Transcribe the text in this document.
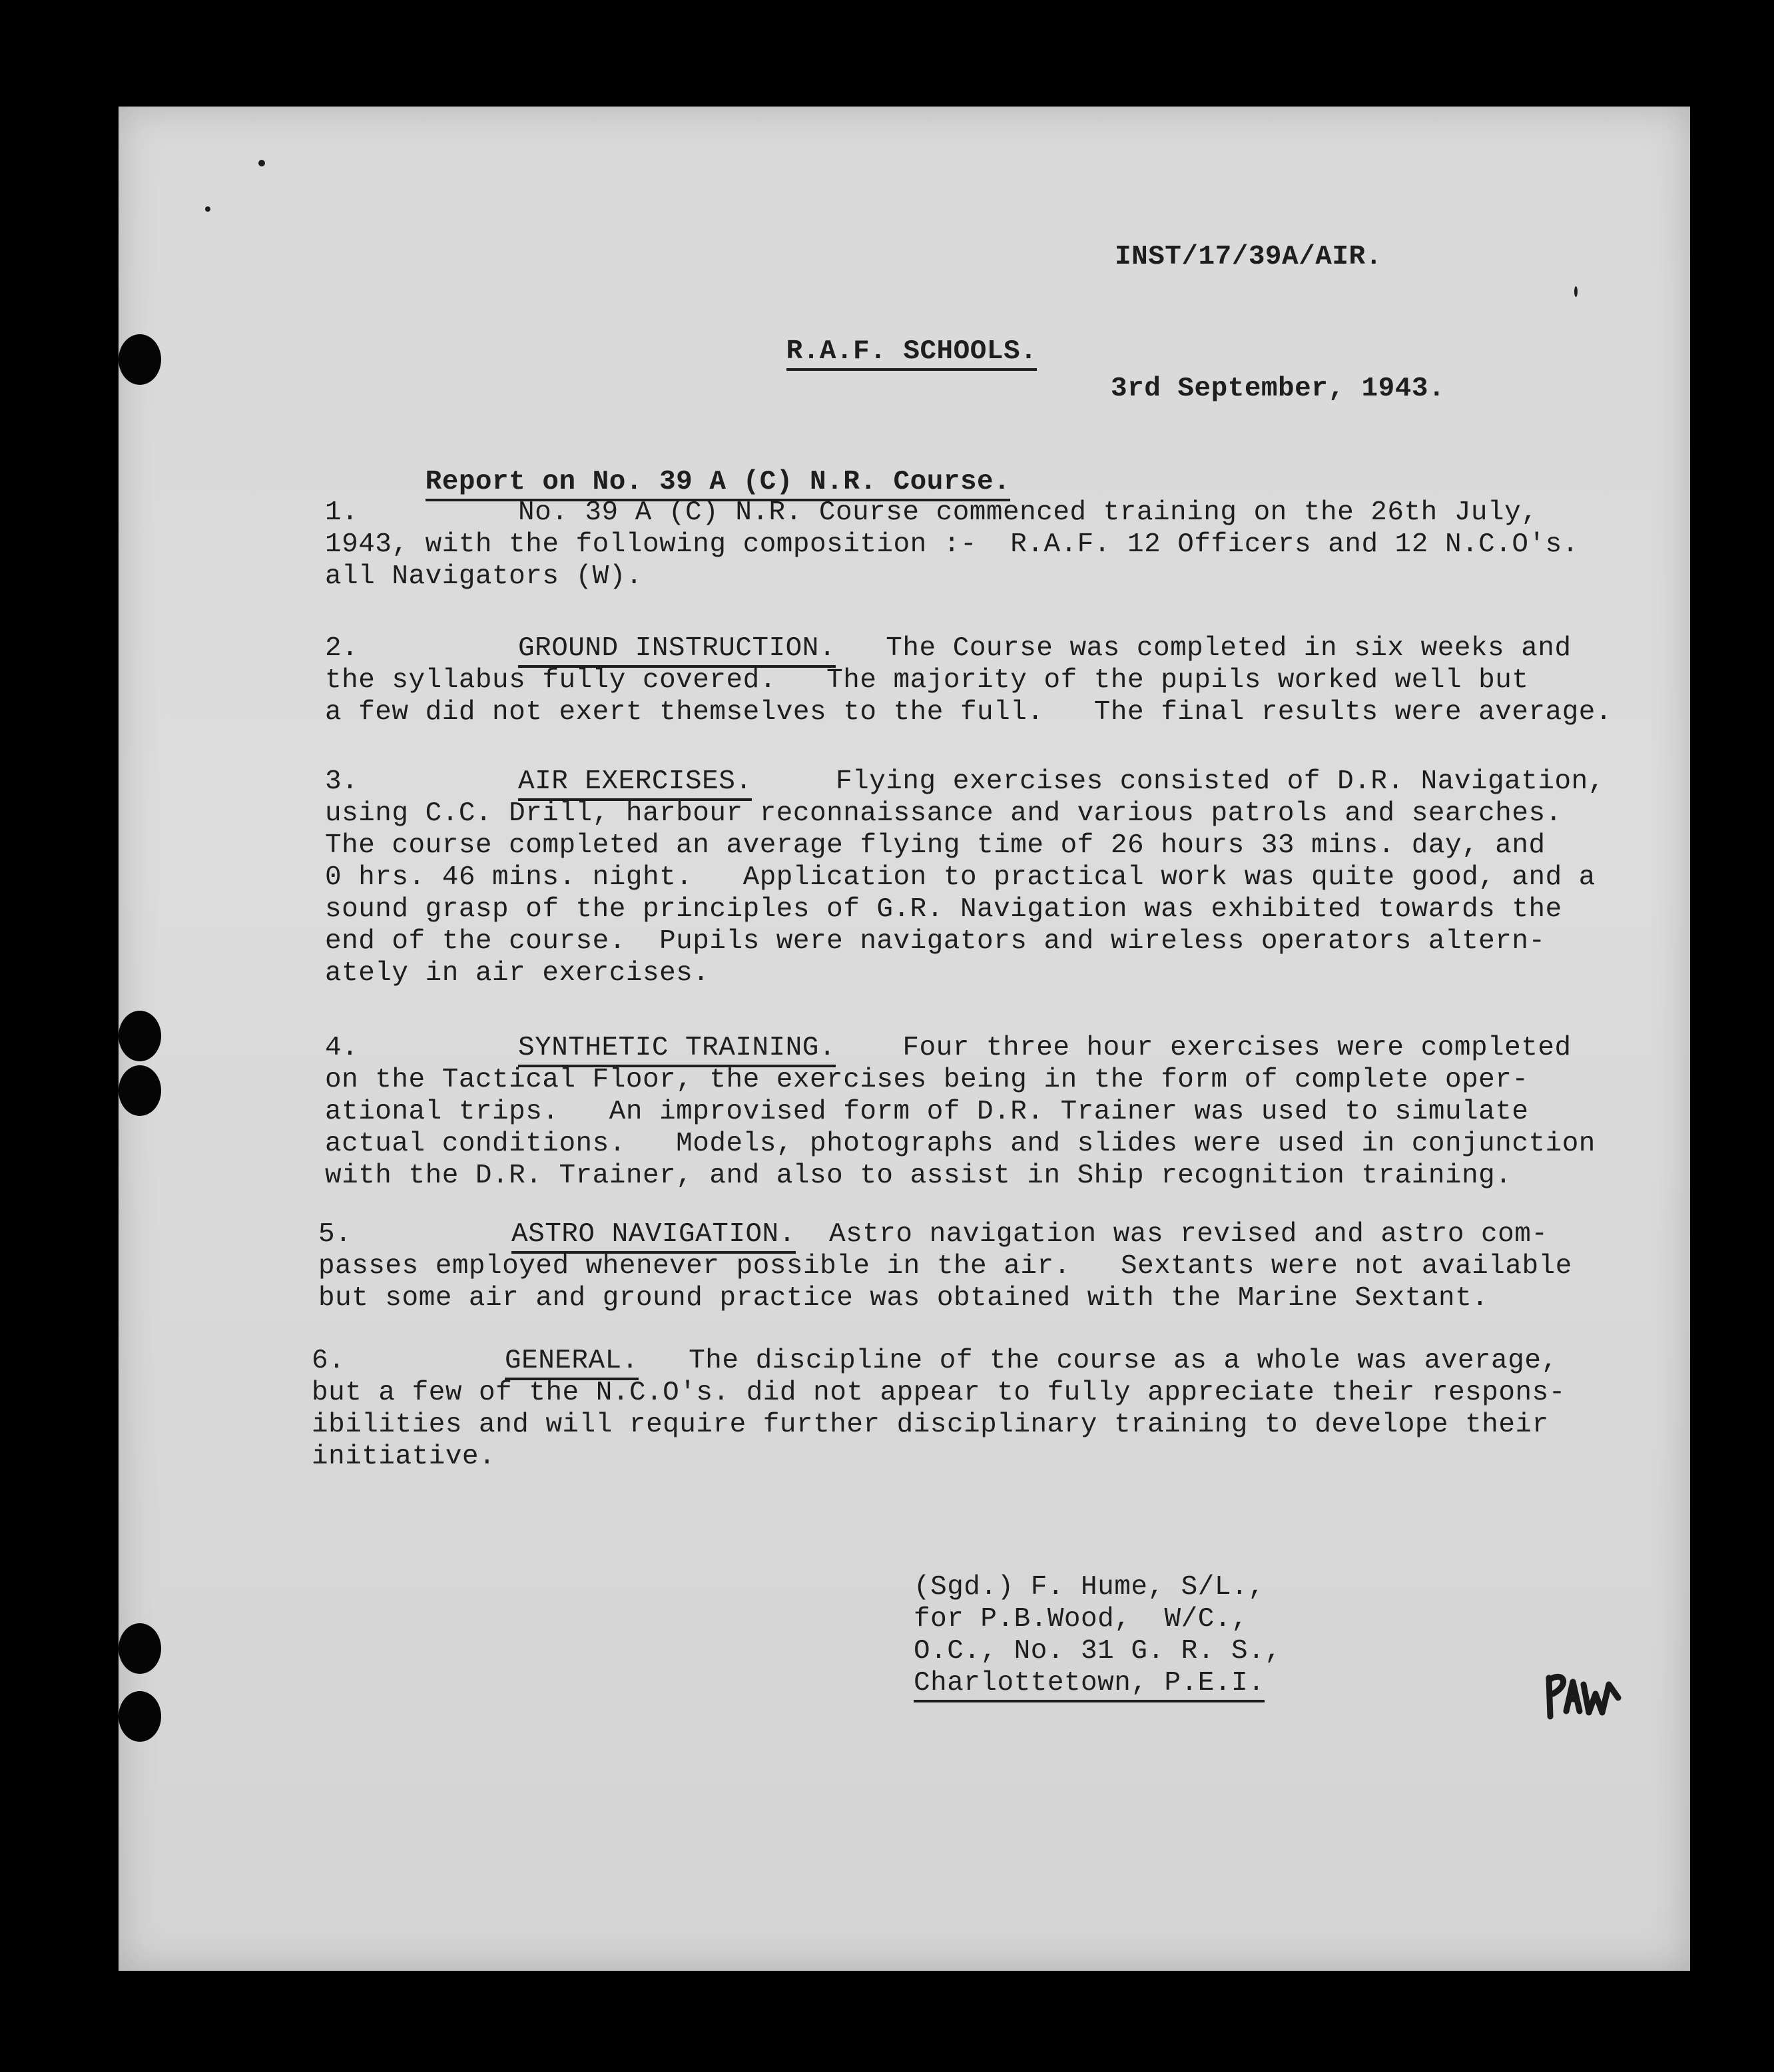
INST/17/39A/AIR.

R.A.F. SCHOOLS.

3rd September, 1943.

Report on No. 39 A (C) N.R. Course.

1.	No. 39 A (C) N.R. Course commenced training on the 26th July,
1943, with the following composition :-  R.A.F. 12 Officers and 12 N.C.O's.
all Navigators (W).
2.	GROUND INSTRUCTION. The Course was completed in six weeks and
the syllabus fully covered.   The majority of the pupils worked well but
a few did not exert themselves to the full.   The final results were average.
3.	AIR EXERCISES.	Flying exercises consisted of D.R. Navigation,
using C.C. Drill, harbour reconnaissance and various patrols and searches.
The course completed an average flying time of 26 hours 33 mins. day, and
0 hrs. 46 mins. night.   Application to practical work was quite good, and a
sound grasp of the principles of G.R. Navigation was exhibited towards the
end of the course.  Pupils were navigators and wireless operators altern-
ately in air exercises.
4.	SYNTHETIC TRAINING. Four three hour exercises were completed
on the Tactical Floor, the exercises being in the form of complete oper-
ational trips.   An improvised form of D.R. Trainer was used to simulate
actual conditions.   Models, photographs and slides were used in conjunction
with the D.R. Trainer, and also to assist in Ship recognition training.
5.	ASTRO NAVIGATION. Astro navigation was revised and astro com-
passes employed whenever possible in the air.   Sextants were not available
but some air and ground practice was obtained with the Marine Sextant.
6.	GENERAL. The discipline of the course as a whole was average,
but a few of the N.C.O's. did not appear to fully appreciate their respons-
ibilities and will require further disciplinary training to develope their
initiative.
(Sgd.) F. Hume, S/L.,
for P.B.Wood,  W/C.,
O.C., No. 31 G. R. S.,
Charlottetown, P.E.I.
